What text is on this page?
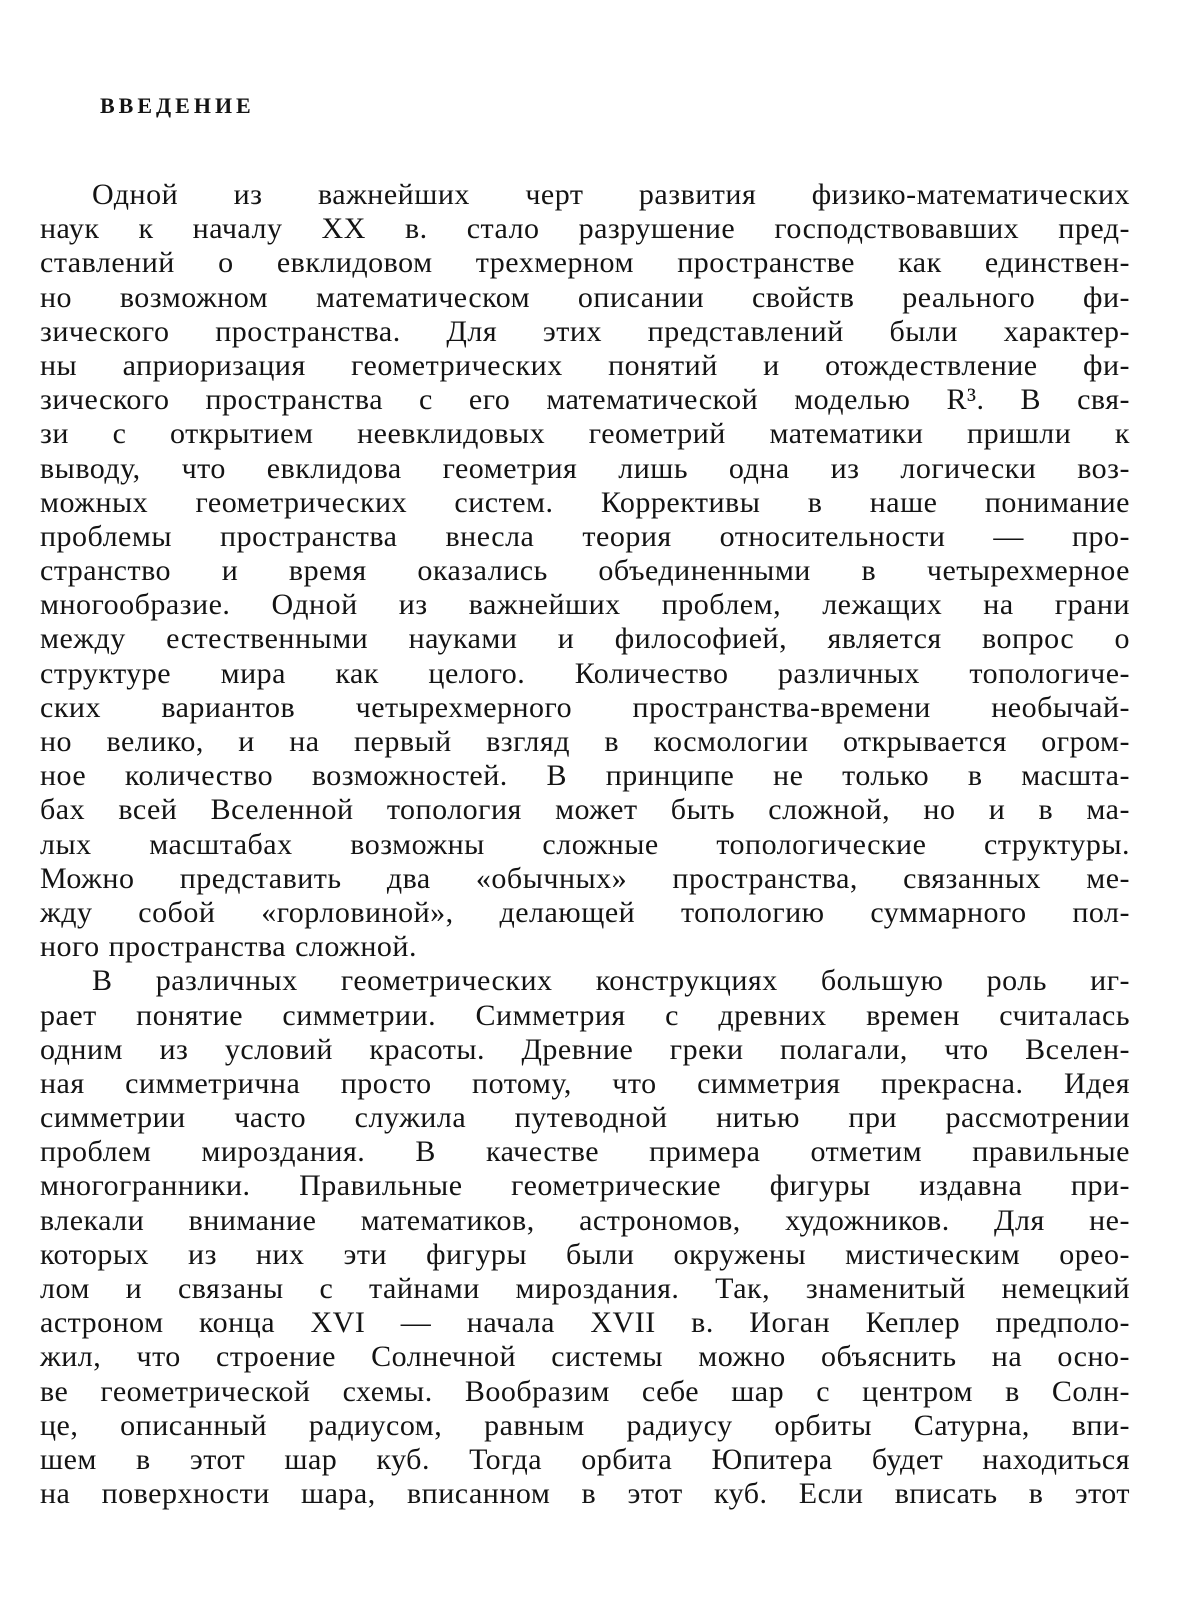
ВВЕДЕНИЕ
Одной из важнейших черт развития физико-математических
наук к началу XX в. стало разрушение господствовавших пред-
ставлений о евклидовом трехмерном пространстве как единствен-
но возможном математическом описании свойств реального фи-
зического пространства. Для этих представлений были характер-
ны априоризация геометрических понятий и отождествление фи-
зического пространства с его математической моделью R³. В свя-
зи с открытием неевклидовых геометрий математики пришли к
выводу, что евклидова геометрия лишь одна из логически воз-
можных геометрических систем. Коррективы в наше понимание
проблемы пространства внесла теория относительности — про-
странство и время оказались объединенными в четырехмерное
многообразие. Одной из важнейших проблем, лежащих на грани
между естественными науками и философией, является вопрос о
структуре мира как целого. Количество различных топологиче-
ских вариантов четырехмерного пространства-времени необычай-
но велико, и на первый взгляд в космологии открывается огром-
ное количество возможностей. В принципе не только в масшта-
бах всей Вселенной топология может быть сложной, но и в ма-
лых масштабах возможны сложные топологические структуры.
Можно представить два «обычных» пространства, связанных ме-
жду собой «горловиной», делающей топологию суммарного пол-
ного пространства сложной.
В различных геометрических конструкциях большую роль иг-
рает понятие симметрии. Симметрия с древних времен считалась
одним из условий красоты. Древние греки полагали, что Вселен-
ная симметрична просто потому, что симметрия прекрасна. Идея
симметрии часто служила путеводной нитью при рассмотрении
проблем мироздания. В качестве примера отметим правильные
многогранники. Правильные геометрические фигуры издавна при-
влекали внимание математиков, астрономов, художников. Для не-
которых из них эти фигуры были окружены мистическим ореo-
лом и связаны с тайнами мироздания. Так, знаменитый немецкий
астроном конца XVI — начала XVII в. Иоган Кеплер предполо-
жил, что строение Солнечной системы можно объяснить на осно-
ве геометрической схемы. Вообразим себе шар с центром в Солн-
це, описанный радиусом, равным радиусу орбиты Сатурна, впи-
шем в этот шар куб. Тогда орбита Юпитера будет находиться
на поверхности шара, вписанном в этот куб. Если вписать в этот
